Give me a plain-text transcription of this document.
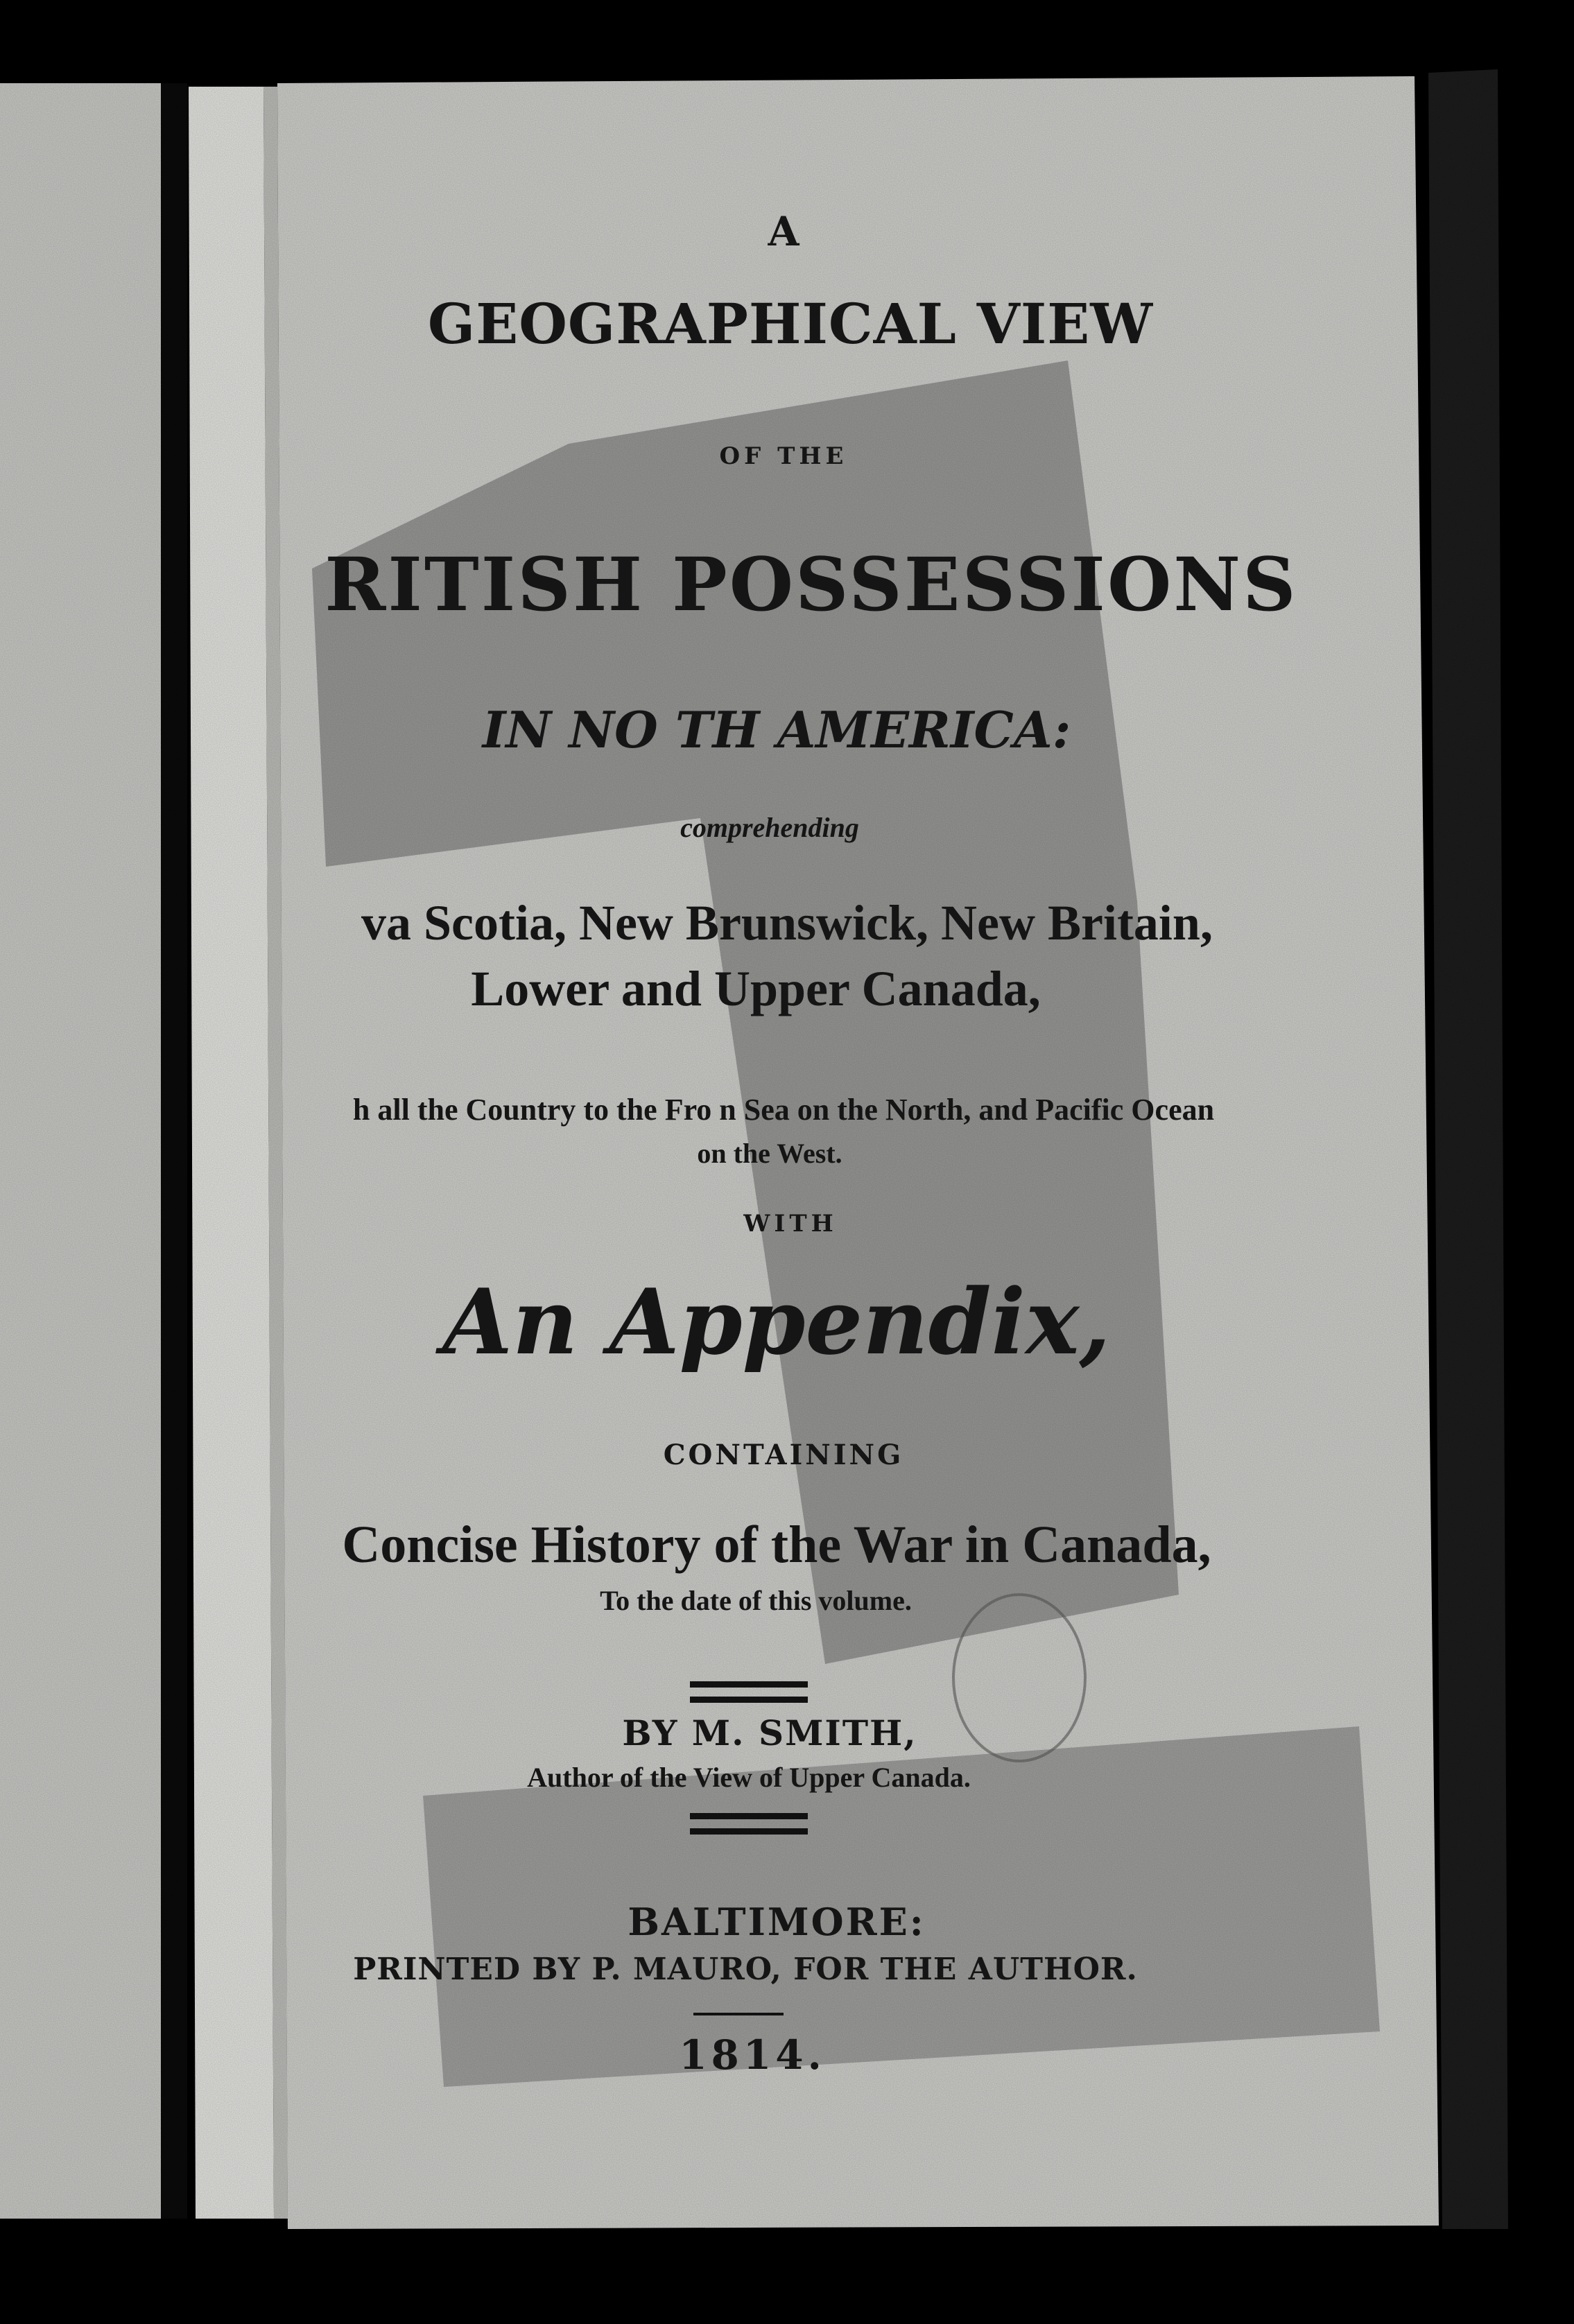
A
GEOGRAPHICAL VIEW
OF THE
RITISH POSSESSIONS
IN NO TH AMERICA:
comprehending
va Scotia, New Brunswick, New Britain,
Lower and Upper Canada,
h all the Country to the Fro n Sea on the North, and Pacific Ocean
on the West.
WITH
An Appendix,
CONTAINING
Concise History of the War in Canada,
To the date of this volume.
BY M. SMITH,
Author of the View of Upper Canada.
BALTIMORE:
PRINTED BY P. MAURO, FOR THE AUTHOR.
1814.
